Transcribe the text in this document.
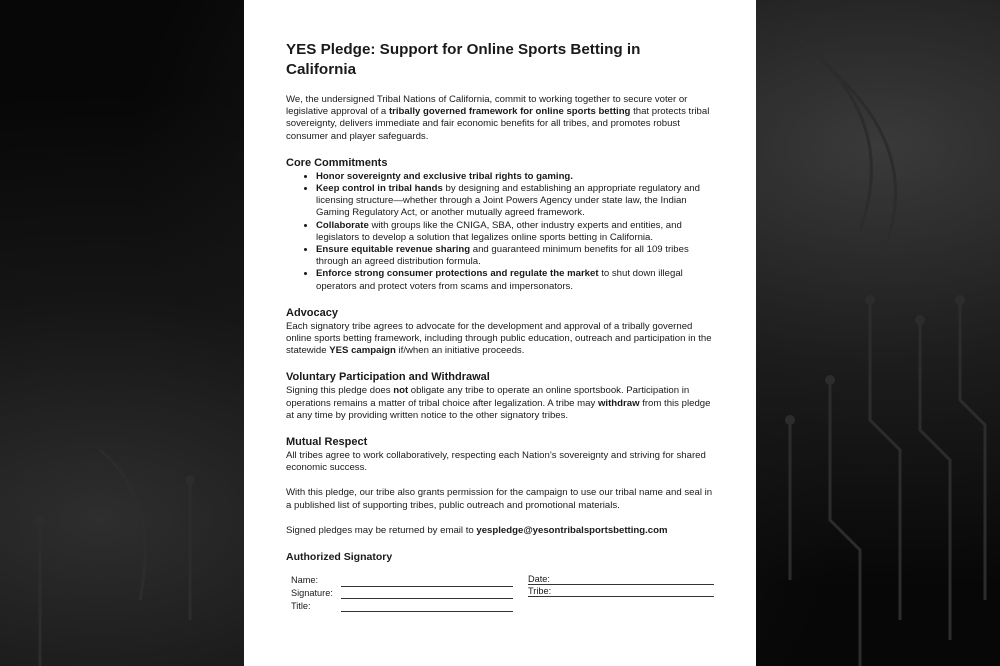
YES Pledge: Support for Online Sports Betting in California

We, the undersigned Tribal Nations of California, commit to working together to secure voter or legislative approval of a tribally governed framework for online sports betting that protects tribal sovereignty, delivers immediate and fair economic benefits for all tribes, and promotes robust consumer and player safeguards.

Core Commitments
• Honor sovereignty and exclusive tribal rights to gaming.
• Keep control in tribal hands by designing and establishing an appropriate regulatory and licensing structure—whether through a Joint Powers Agency under state law, the Indian Gaming Regulatory Act, or another mutually agreed framework.
• Collaborate with groups like the CNIGA, SBA, other industry experts and entities, and legislators to develop a solution that legalizes online sports betting in California.
• Ensure equitable revenue sharing and guaranteed minimum benefits for all 109 tribes through an agreed distribution formula.
• Enforce strong consumer protections and regulate the market to shut down illegal operators and protect voters from scams and impersonators.
Advocacy

Each signatory tribe agrees to advocate for the development and approval of a tribally governed online sports betting framework, including through public education, outreach and participation in the statewide YES campaign if/when an initiative proceeds.

Voluntary Participation and Withdrawal

Signing this pledge does not obligate any tribe to operate an online sportsbook. Participation in operations remains a matter of tribal choice after legalization. A tribe may withdraw from this pledge at any time by providing written notice to the other signatory tribes.

Mutual Respect

All tribes agree to work collaboratively, respecting each Nation’s sovereignty and striving for shared economic success.

With this pledge, our tribe also grants permission for the campaign to use our tribal name and seal in a published list of supporting tribes, public outreach and promotional materials.

Signed pledges may be returned by email to yespledge@yesontribalsportsbetting.com

Authorized Signatory
Name:
Signature:
Title:
Date:
Tribe:
